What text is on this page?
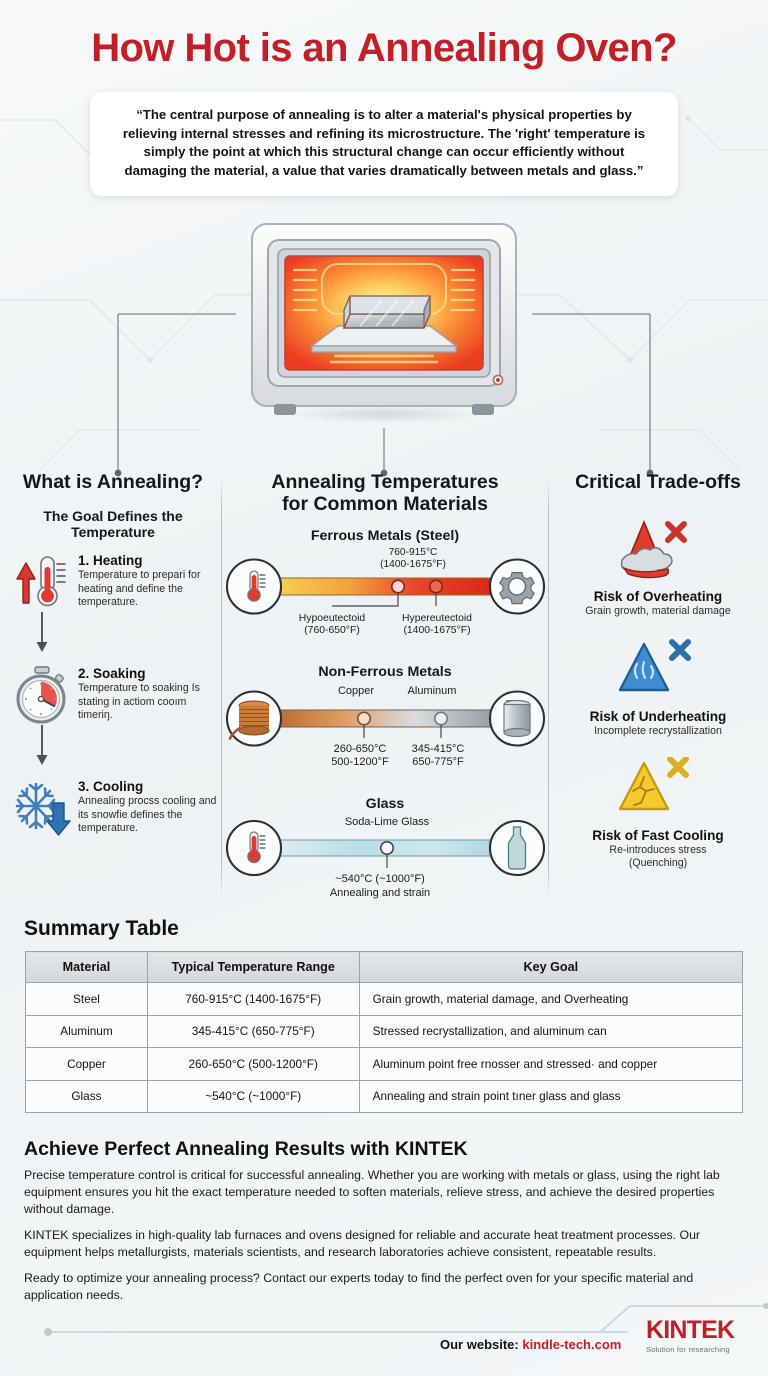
How Hot is an Annealing Oven?
“The central purpose of annealing is to alter a material's physical properties by relieving internal stresses and refining its microstructure. The 'right' temperature is simply the point at which this structural change can occur efficiently without damaging the material, a value that varies dramatically between metals and glass.”
What is Annealing?
The Goal Defines the Temperature
1. Heating
Temperature to prepari for heating and define the temperature.
2. Soaking
Temperature to soaking Is stating in actiom cooım timeriŋ.
3. Cooling
Annealing procss cooling and its snowfie defines the temperature.
Annealing Temperatures
for Common Materials
Ferrous Metals (Steel)
760-915°C
(1400-1675°F)
Hypoeutectoid
(760-650°F)
Hypereutectoid
(1400-1675°F)
Non-Ferrous Metals
Copper	Aluminum
260-650°C
500-1200°F
345-415°C
650-775°F
Glass
Soda-Lime Glass
~540°C (~1000°F)
Annealing and strain
Critical Trade-offs
Risk of Overheating
Grain growth, material damage
Risk of Underheating
Incomplete recrystallization
Risk of Fast Cooling
Re-introduces stress
(Quenching)
Summary Table
Material	Typical Temperature Range	Key Goal
Steel	760-915°C (1400-1675°F)	Grain growth, material damage, and Overheating
Aluminum	345-415°C (650-775°F)	Stressed recrystallization, and aluminum can
Copper	260-650°C (500-1200°F)	Aluminum point free rnosser and stressed· and copper
Glass	~540°C (~1000°F)	Annealing and strain point tıner glass and glass
Achieve Perfect Annealing Results with KINTEK
Precise temperature control is critical for successful annealing. Whether you are working with metals or glass, using the right lab equipment ensures you hit the exact temperature needed to soften materials, relieve stress, and achieve the desired properties without damage.
KINTEK specializes in high-quality lab furnaces and ovens designed for reliable and accurate heat treatment processes. Our equipment helps metallurgists, materials scientists, and research laboratories achieve consistent, repeatable results.
Ready to optimize your annealing process? Contact our experts today to find the perfect oven for your specific material and application needs.
Our website: kindle-tech.com
KINTEK
Solution for researching
